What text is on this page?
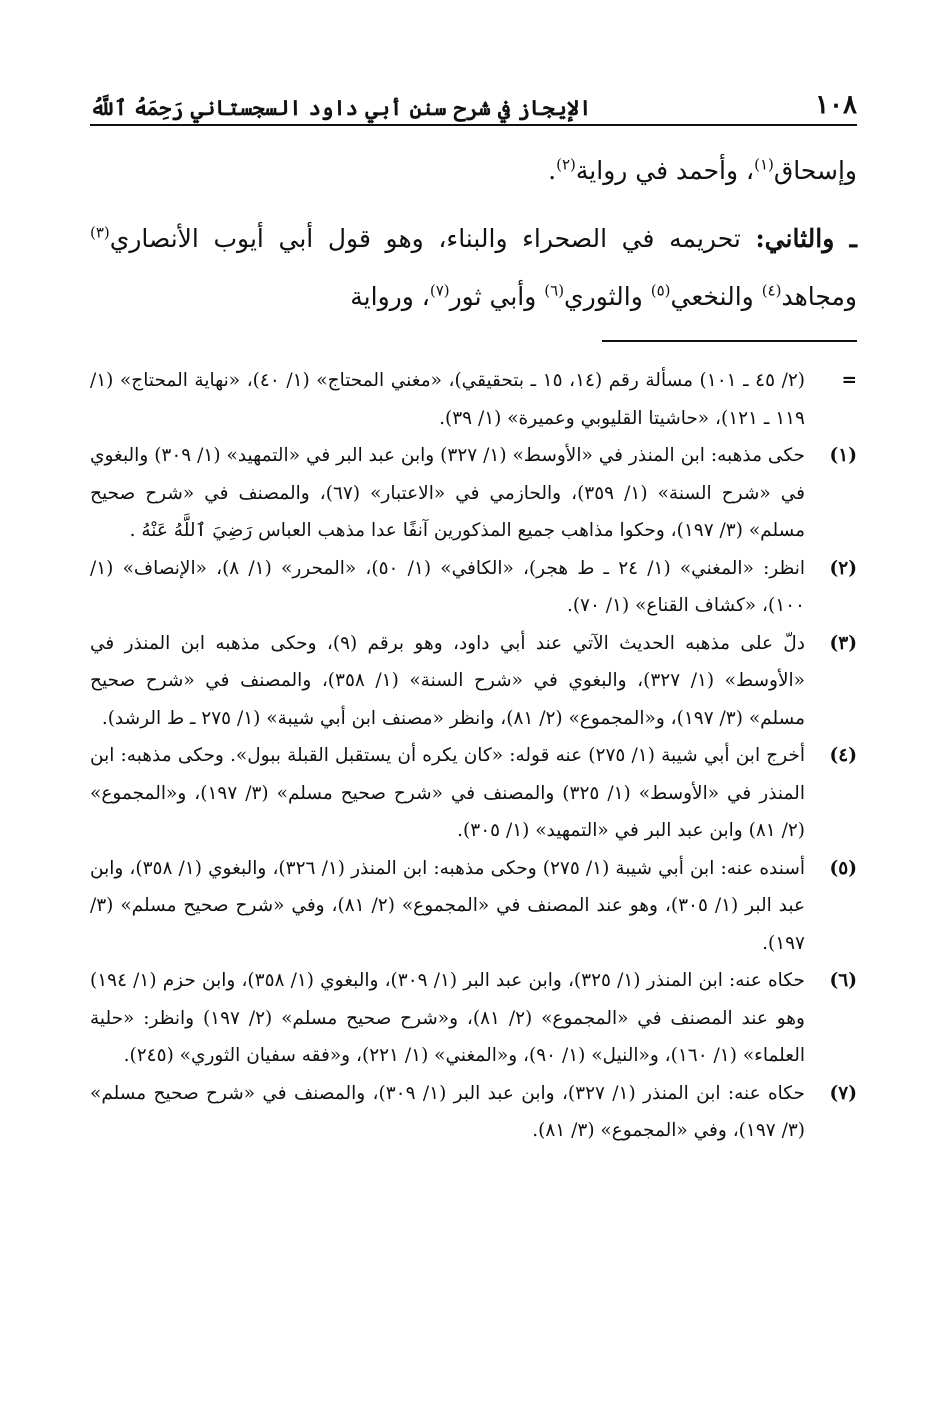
١٠٨
الإيجاز في شرح سنن أبي داود السجستاني رَحِمَهُ ٱللَّهُ

وإسحاق$^{(١)}$، وأحمد في رواية$^{(٢)}$.

ـ والثاني: تحريمه في الصحراء والبناء، وهو قول أبي أيوب الأنصاري$^{(٣)}$ ومجاهد$^{(٤)}$ والنخعي$^{(٥)}$ والثوري$^{(٦)}$ وأبي ثور$^{(٧)}$، ورواية

=
(٢/ ٤٥ ـ ١٠١) مسألة رقم (١٤، ١٥ ـ بتحقيقي)، «مغني المحتاج» (١/ ٤٠)، «نهاية المحتاج» (١/ ١١٩ ـ ١٢١)، «حاشيتا القليوبي وعميرة» (١/ ٣٩).
(١)
حكى مذهبه: ابن المنذر في «الأوسط» (١/ ٣٢٧) وابن عبد البر في «التمهيد» (١/ ٣٠٩) والبغوي في «شرح السنة» (١/ ٣٥٩)، والحازمي في «الاعتبار» (٦٧)، والمصنف في «شرح صحيح مسلم» (٣/ ١٩٧)، وحكوا مذاهب جميع المذكورين آنفًا عدا مذهب العباس رَضِيَ ٱللَّهُ عَنْهُ .
(٢)
انظر: «المغني» (١/ ٢٤ ـ ط هجر)، «الكافي» (١/ ٥٠)، «المحرر» (١/ ٨)، «الإنصاف» (١/ ١٠٠)، «كشاف القناع» (١/ ٧٠).
(٣)
دلّ على مذهبه الحديث الآتي عند أبي داود، وهو برقم (٩)، وحكى مذهبه ابن المنذر في «الأوسط» (١/ ٣٢٧)، والبغوي في «شرح السنة» (١/ ٣٥٨)، والمصنف في «شرح صحيح مسلم» (٣/ ١٩٧)، و«المجموع» (٢/ ٨١)، وانظر «مصنف ابن أبي شيبة» (١/ ٢٧٥ ـ ط الرشد).
(٤)
أخرج ابن أبي شيبة (١/ ٢٧٥) عنه قوله: «كان يكره أن يستقبل القبلة ببول». وحكى مذهبه: ابن المنذر في «الأوسط» (١/ ٣٢٥) والمصنف في «شرح صحيح مسلم» (٣/ ١٩٧)، و«المجموع» (٢/ ٨١) وابن عبد البر في «التمهيد» (١/ ٣٠٥).
(٥)
أسنده عنه: ابن أبي شيبة (١/ ٢٧٥) وحكى مذهبه: ابن المنذر (١/ ٣٢٦)، والبغوي (١/ ٣٥٨)، وابن عبد البر (١/ ٣٠٥)، وهو عند المصنف في «المجموع» (٢/ ٨١)، وفي «شرح صحيح مسلم» (٣/ ١٩٧).
(٦)
حكاه عنه: ابن المنذر (١/ ٣٢٥)، وابن عبد البر (١/ ٣٠٩)، والبغوي (١/ ٣٥٨)، وابن حزم (١/ ١٩٤) وهو عند المصنف في «المجموع» (٢/ ٨١)، و«شرح صحيح مسلم» (٢/ ١٩٧) وانظر: «حلية العلماء» (١/ ١٦٠)، و«النيل» (١/ ٩٠)، و«المغني» (١/ ٢٢١)، و«فقه سفيان الثوري» (٢٤٥).
(٧)
حكاه عنه: ابن المنذر (١/ ٣٢٧)، وابن عبد البر (١/ ٣٠٩)، والمصنف في «شرح صحيح مسلم» (٣/ ١٩٧)، وفي «المجموع» (٣/ ٨١).
